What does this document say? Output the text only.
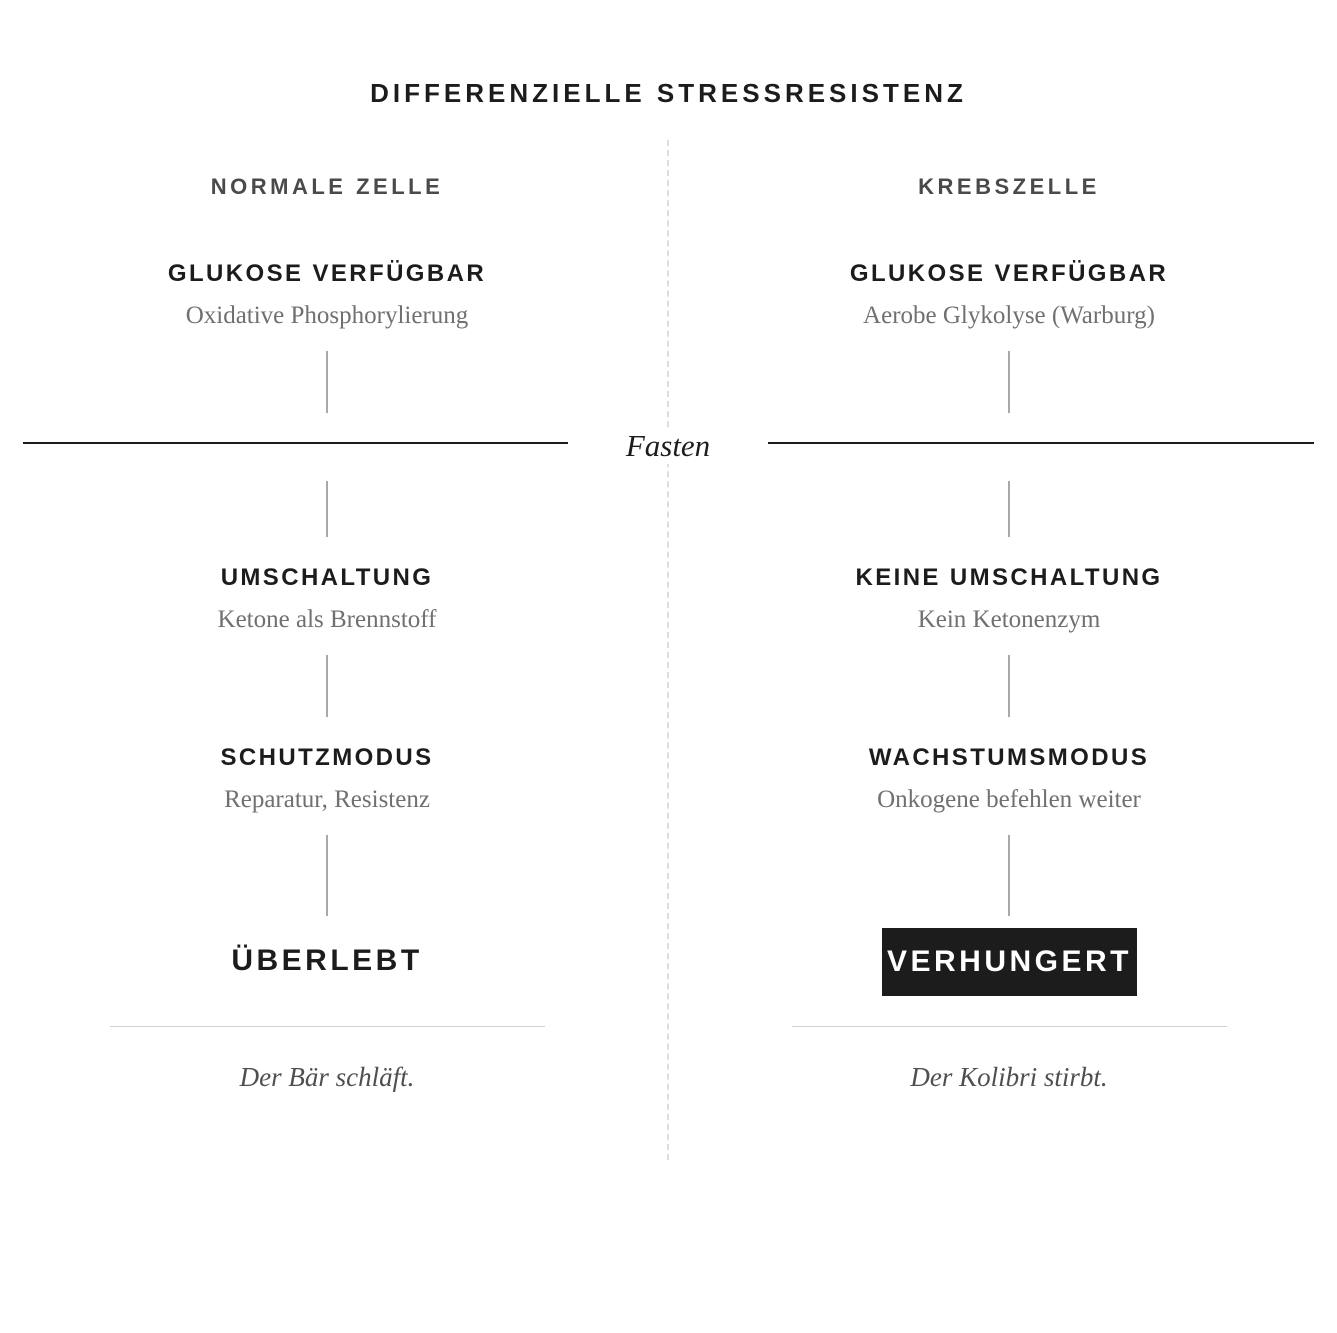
DIFFERENZIELLE STRESSRESISTENZ
NORMALE ZELLE	KREBSZELLE
GLUKOSE VERFÜGBAR
Oxidative Phosphorylierung
UMSCHALTUNG
Ketone als Brennstoff
SCHUTZMODUS
Reparatur, Resistenz
ÜBERLEBT
Der Bär schläft.
GLUKOSE VERFÜGBAR
Aerobe Glykolyse (Warburg)
KEINE UMSCHALTUNG
Kein Ketonenzym
WACHSTUMSMODUS
Onkogene befehlen weiter
VERHUNGERT
Der Kolibri stirbt.
Fasten
